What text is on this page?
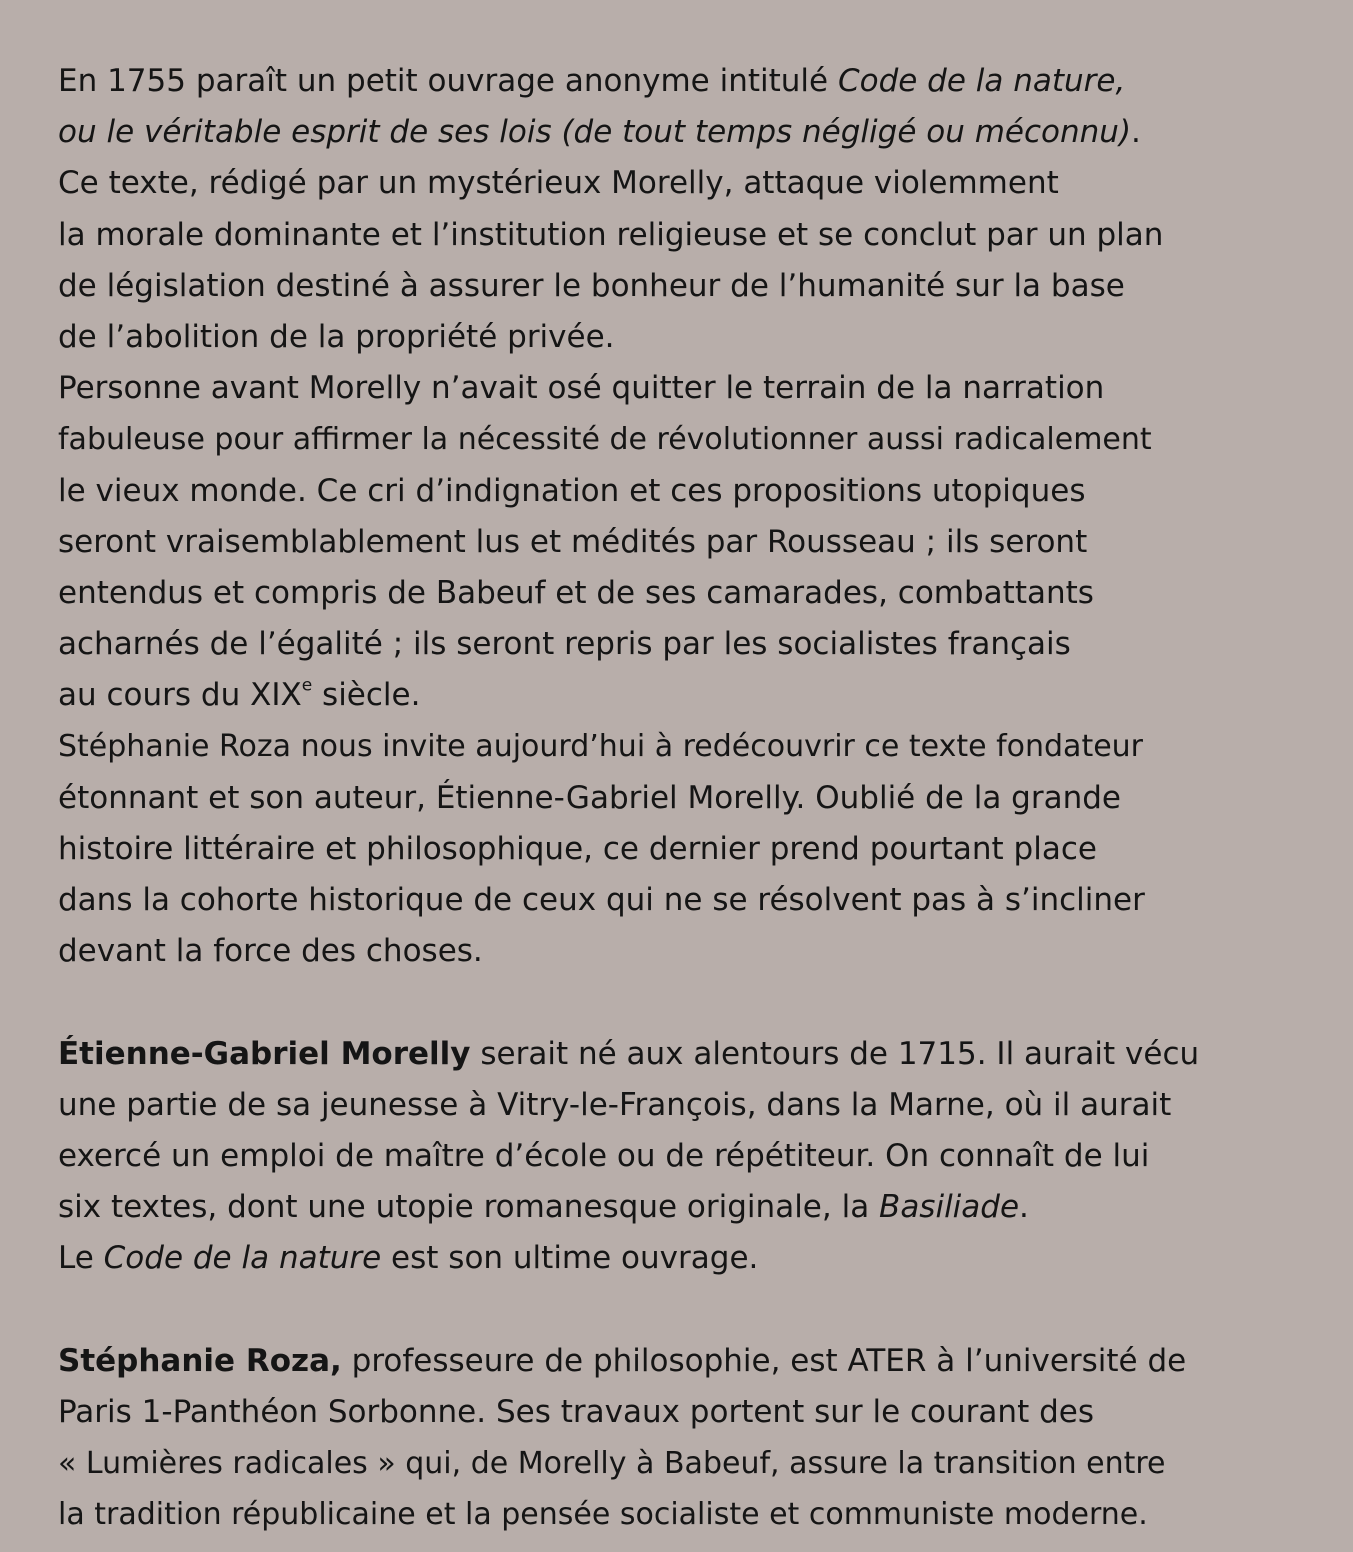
En 1755 paraît un petit ouvrage anonyme intitulé Code de la nature,
ou le véritable esprit de ses lois (de tout temps négligé ou méconnu).
Ce texte, rédigé par un mystérieux Morelly, attaque violemment
la morale dominante et l’institution religieuse et se conclut par un plan
de législation destiné à assurer le bonheur de l’humanité sur la base
de l’abolition de la propriété privée.
Personne avant Morelly n’avait osé quitter le terrain de la narration
fabuleuse pour affirmer la nécessité de révolutionner aussi radicalement
le vieux monde. Ce cri d’indignation et ces propositions utopiques
seront vraisemblablement lus et médités par Rousseau ; ils seront
entendus et compris de Babeuf et de ses camarades, combattants
acharnés de l’égalité ; ils seront repris par les socialistes français
au cours du XIXe siècle.
Stéphanie Roza nous invite aujourd’hui à redécouvrir ce texte fondateur
étonnant et son auteur, Étienne-Gabriel Morelly. Oublié de la grande
histoire littéraire et philosophique, ce dernier prend pourtant place
dans la cohorte historique de ceux qui ne se résolvent pas à s’incliner
devant la force des choses.
Étienne-Gabriel Morelly serait né aux alentours de 1715. Il aurait vécu
une partie de sa jeunesse à Vitry-le-François, dans la Marne, où il aurait
exercé un emploi de maître d’école ou de répétiteur. On connaît de lui
six textes, dont une utopie romanesque originale, la Basiliade.
Le Code de la nature est son ultime ouvrage.
Stéphanie Roza, professeure de philosophie, est ATER à l’université de
Paris 1-Panthéon Sorbonne. Ses travaux portent sur le courant des
« Lumières radicales » qui, de Morelly à Babeuf, assure la transition entre
la tradition républicaine et la pensée socialiste et communiste moderne.
